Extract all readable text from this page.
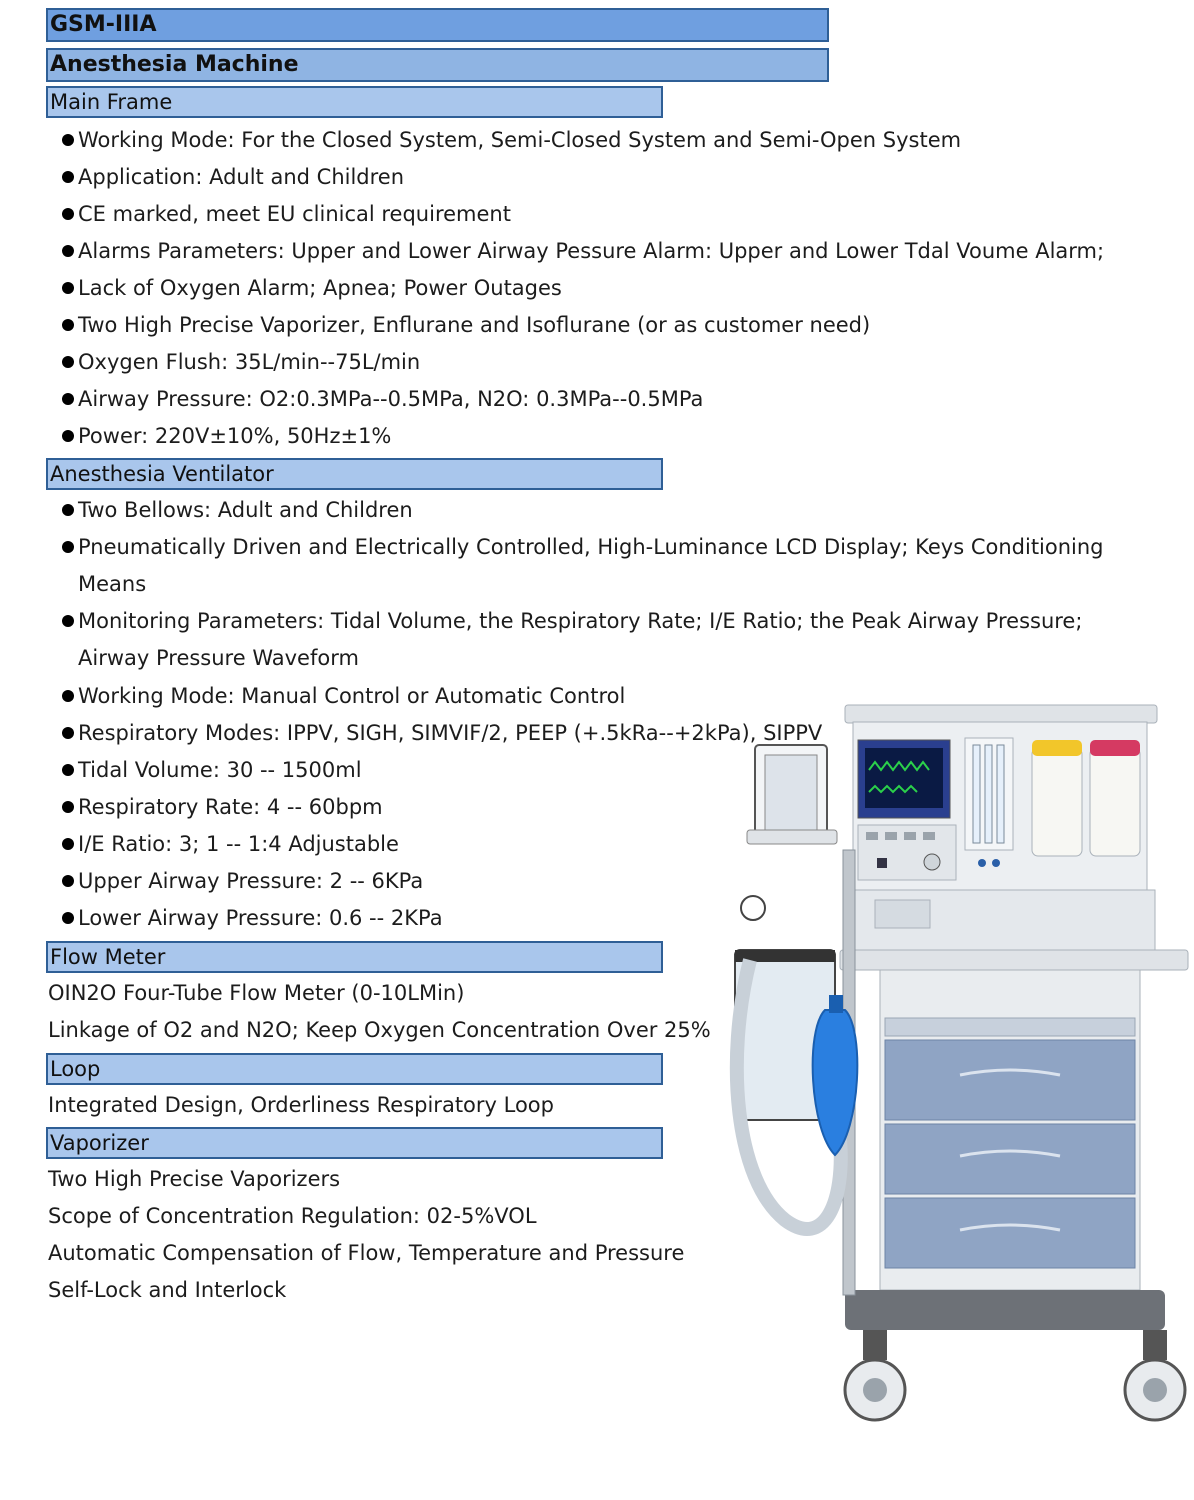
GSM-IIIA
Anesthesia Machine
Main Frame
Working Mode: For the Closed System, Semi-Closed System and Semi-Open System
Application: Adult and Children
CE marked, meet EU clinical requirement
Alarms Parameters: Upper and Lower Airway Pessure Alarm: Upper and Lower Tdal Voume Alarm;
Lack of Oxygen Alarm; Apnea; Power Outages
Two High Precise Vaporizer, Enflurane and Isoflurane (or as customer need)
Oxygen Flush: 35L/min--75L/min
Airway Pressure: O2:0.3MPa--0.5MPa, N2O: 0.3MPa--0.5MPa
Power: 220V±10%, 50Hz±1%
Anesthesia Ventilator
Two Bellows: Adult and Children
Pneumatically Driven and Electrically Controlled, High-Luminance LCD Display; Keys Conditioning
Means
Monitoring Parameters: Tidal Volume, the Respiratory Rate; I/E Ratio; the Peak Airway Pressure;
Airway Pressure Waveform
Working Mode: Manual Control or Automatic Control
Respiratory Modes: IPPV, SIGH, SIMVIF/2, PEEP (+.5kRa--+2kPa), SIPPV
Tidal Volume: 30 -- 1500ml
Respiratory Rate: 4 -- 60bpm
I/E Ratio: 3; 1 -- 1:4 Adjustable
Upper Airway Pressure: 2 -- 6KPa
Lower Airway Pressure: 0.6 -- 2KPa
Flow Meter
OIN2O Four-Tube Flow Meter (0-10LMin)
Linkage of O2 and N2O; Keep Oxygen Concentration Over 25%
Loop
Integrated Design, Orderliness Respiratory Loop
Vaporizer
Two High Precise Vaporizers
Scope of Concentration Regulation: 02-5%VOL
Automatic Compensation of Flow, Temperature and Pressure
Self-Lock and Interlock
